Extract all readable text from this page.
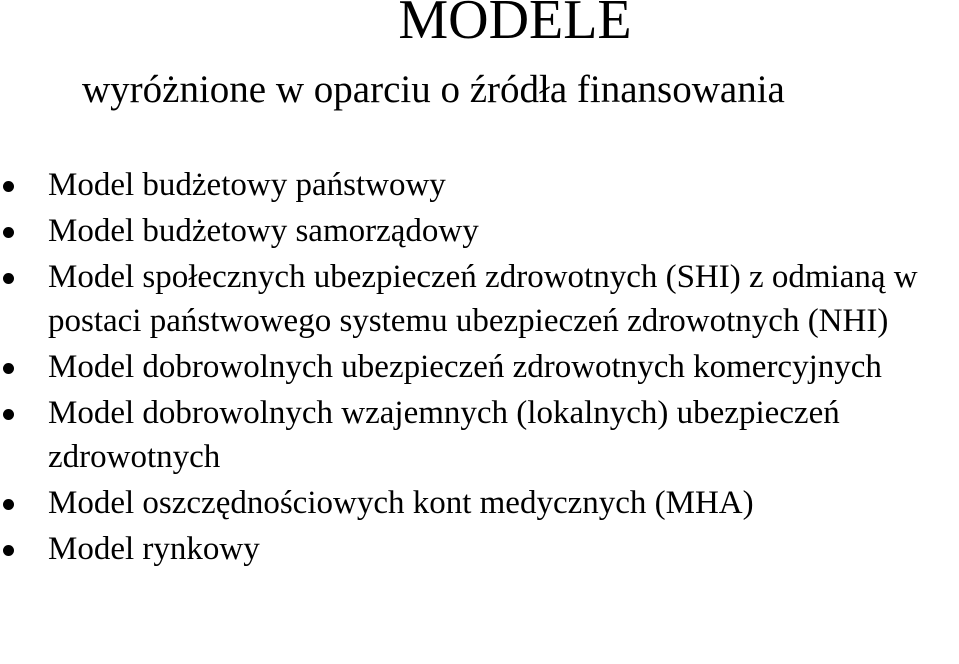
MODELE
wyróżnione w oparciu o źródła finansowania
Model budżetowy państwowy
Model budżetowy samorządowy
Model społecznych ubezpieczeń zdrowotnych (SHI) z odmianą w postaci państwowego systemu ubezpieczeń zdrowotnych (NHI)
Model dobrowolnych ubezpieczeń zdrowotnych komercyjnych
Model dobrowolnych wzajemnych (lokalnych) ubezpieczeń zdrowotnych
Model oszczędnościowych kont medycznych (MHA)
Model rynkowy
